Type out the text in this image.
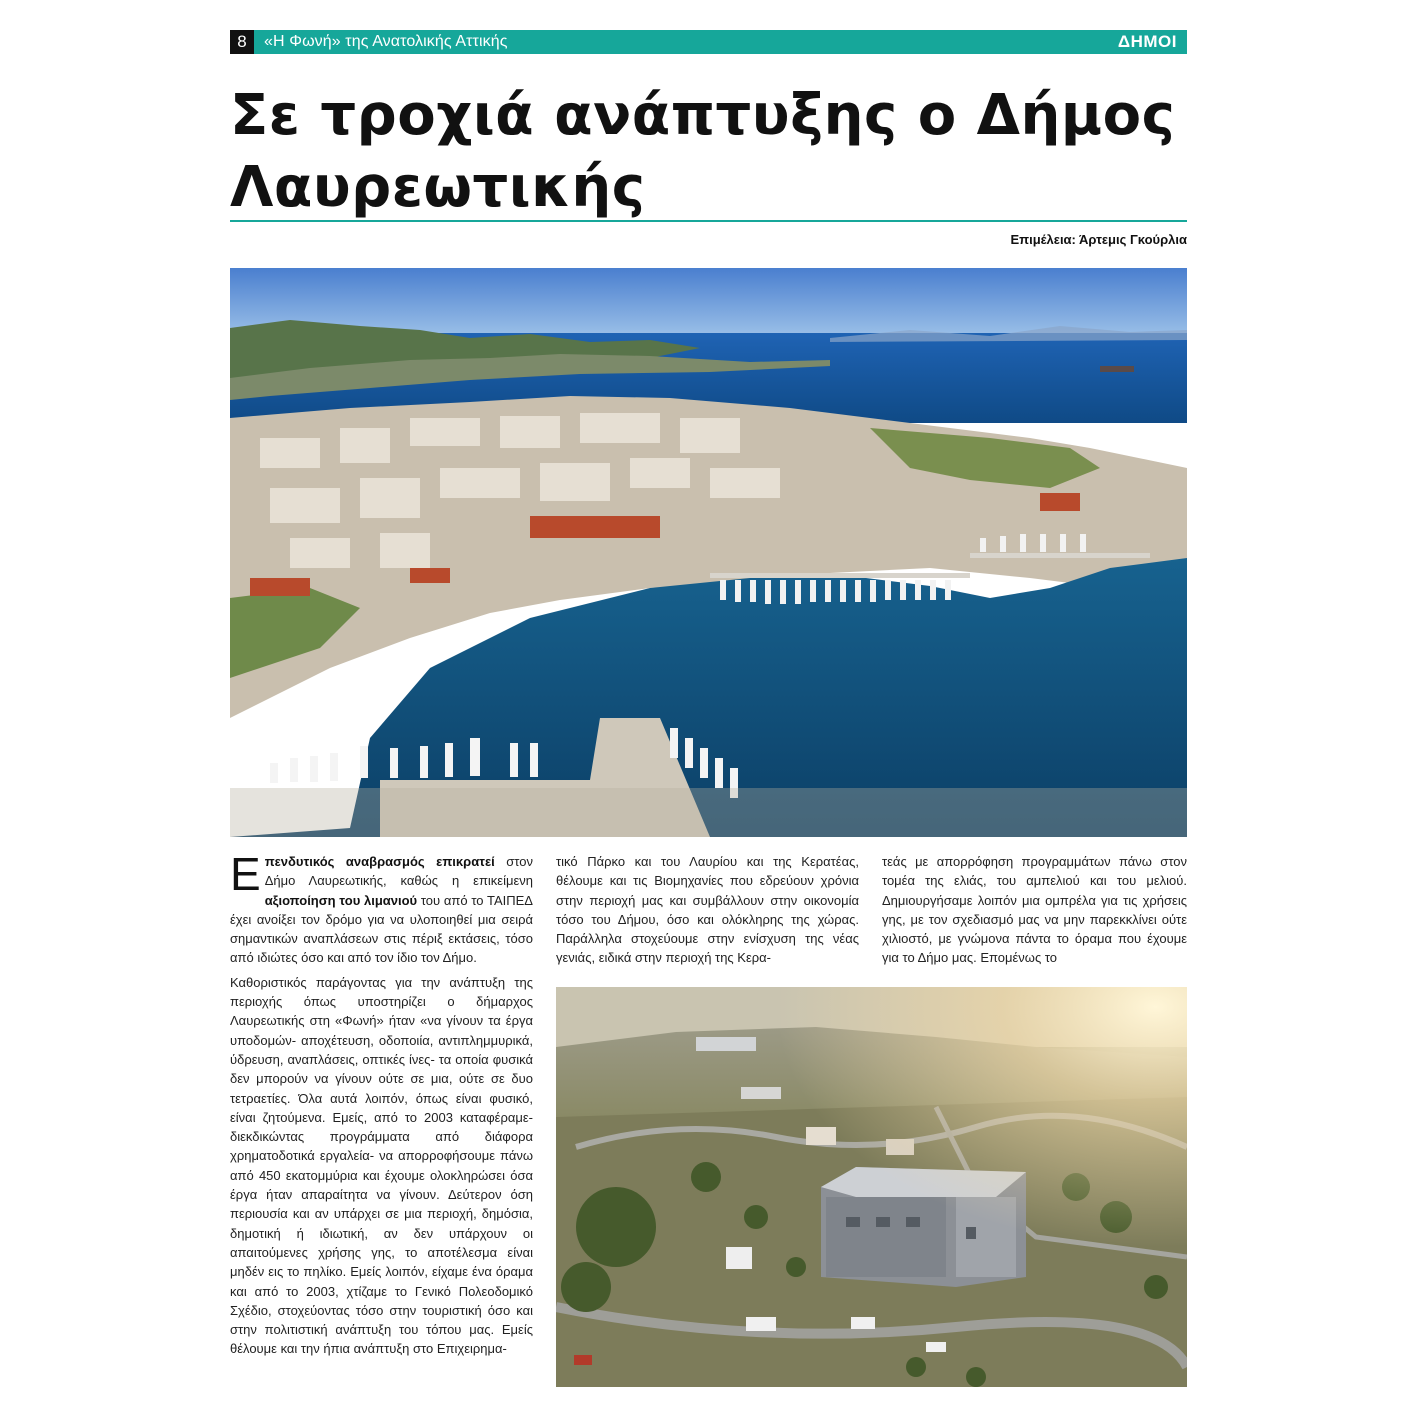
8	«Η Φωνή» της Ανατολικής Αττικής	ΔΗΜΟΙ
Σε τροχιά ανάπτυξης ο Δήμος
Λαυρεωτικής
Επιμέλεια: Άρτεμις Γκούρλια

Επενδυτικός αναβρασμός επικρατεί στον Δήμο Λαυρεωτικής, καθώς η επικείμενη αξιοποίηση του λιμανιού του από το ΤΑΙΠΕΔ έχει ανοίξει τον δρόμο για να υλοποιηθεί μια σειρά σημαντικών αναπλάσεων στις πέριξ εκτάσεις, τόσο από ιδιώτες όσο και από τον ίδιο τον Δήμο.

Καθοριστικός παράγοντας για την ανάπτυξη της περιοχής όπως υποστηρίζει ο δήμαρχος Λαυρεωτικής στη «Φωνή» ήταν «να γίνουν τα έργα υποδομών- αποχέτευση, οδοποιία, αντιπλημμυρικά, ύδρευση, αναπλάσεις, οπτικές ίνες- τα οποία φυσικά δεν μπορούν να γίνουν ούτε σε μια, ούτε σε δυο τετραετίες. Όλα αυτά λοιπόν, όπως είναι φυσικό, είναι ζητούμενα. Εμείς, από το 2003 καταφέραμε- διεκδικώντας προγράμματα από διάφορα χρηματοδοτικά εργαλεία- να απορροφήσουμε πάνω από 450 εκατομμύρια και έχουμε ολοκληρώσει όσα έργα ήταν απαραίτητα να γίνουν. Δεύτερον όση περιουσία και αν υπάρχει σε μια περιοχή, δημόσια, δημοτική ή ιδιωτική, αν δεν υπάρχουν οι απαιτούμενες χρήσης γης, το αποτέλεσμα είναι μηδέν εις το πηλίκο. Εμείς λοιπόν, είχαμε ένα όραμα και από το 2003, χτίζαμε το Γενικό Πολεοδομικό Σχέδιο, στοχεύοντας τόσο στην τουριστική όσο και στην πολιτιστική ανάπτυξη του τόπου μας. Εμείς θέλουμε και την ήπια ανάπτυξη στο Επιχειρημα-

τικό Πάρκο και του Λαυρίου και της Κερατέας, θέλουμε και τις Βιομηχανίες που εδρεύουν χρόνια στην περιοχή μας και συμβάλλουν στην οικονομία τόσο του Δήμου, όσο και ολόκληρης της χώρας. Παράλληλα στοχεύουμε στην ενίσχυση της νέας γενιάς, ειδικά στην περιοχή της Κερα-

τεάς με απορρόφηση προγραμμάτων πάνω στον τομέα της ελιάς, του αμπελιού και του μελιού. Δημιουργήσαμε λοιπόν μια ομπρέλα για τις χρήσεις γης, με τον σχεδιασμό μας να μην παρεκκλίνει ούτε χιλιοστό, με γνώμονα πάντα το όραμα που έχουμε για το Δήμο μας. Επομένως το
